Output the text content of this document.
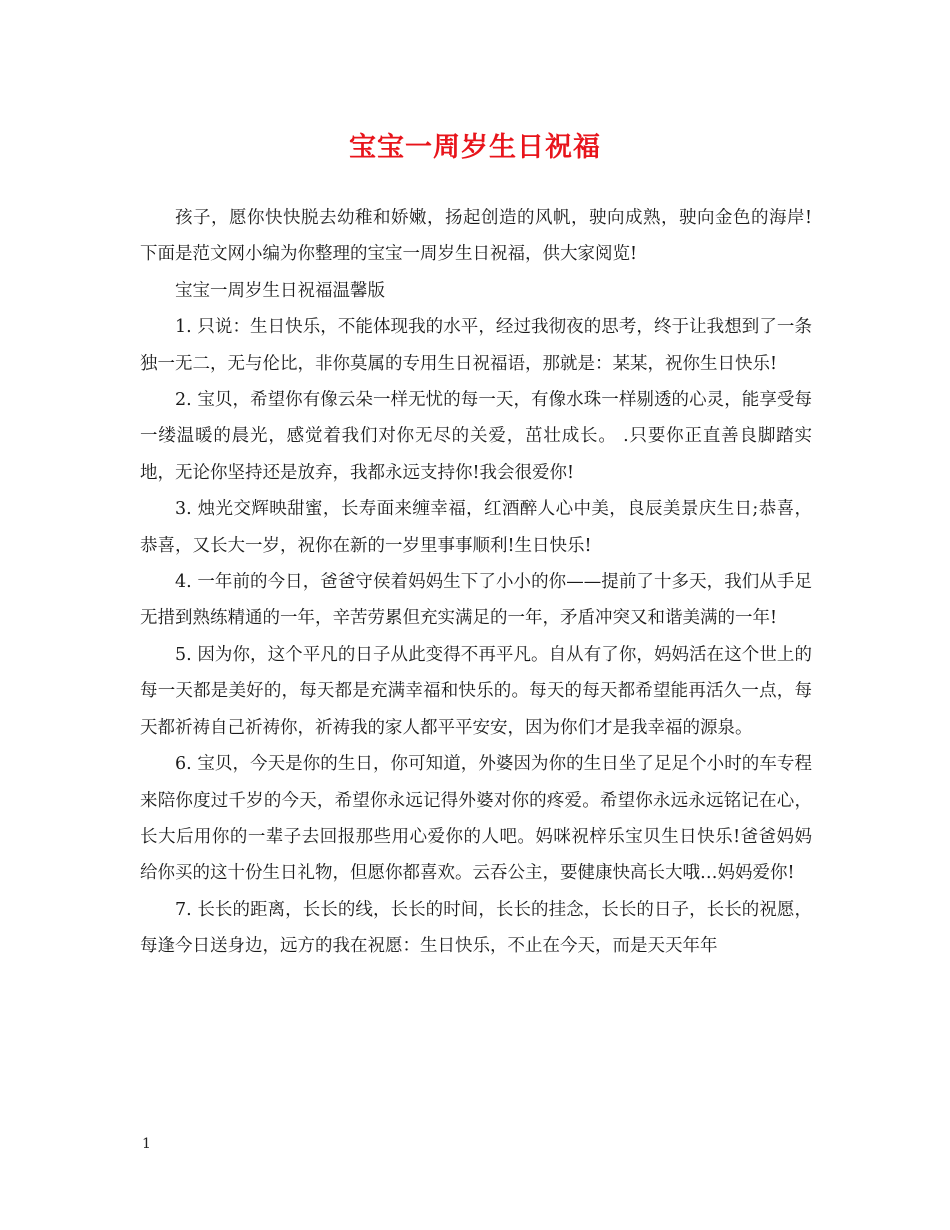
宝宝一周岁生日祝福

孩子，愿你快快脱去幼稚和娇嫩，扬起创造的风帆，驶向成熟，驶向金色的海岸!下面是范文网小编为你整理的宝宝一周岁生日祝福，供大家阅览!

宝宝一周岁生日祝福温馨版

1. 只说：生日快乐，不能体现我的水平，经过我彻夜的思考，终于让我想到了一条独一无二，无与伦比，非你莫属的专用生日祝福语，那就是：某某，祝你生日快乐!

2. 宝贝，希望你有像云朵一样无忧的每一天，有像水珠一样剔透的心灵，能享受每一缕温暖的晨光，感觉着我们对你无尽的关爱，茁壮成长。 .只要你正直善良脚踏实地，无论你坚持还是放弃，我都永远支持你!我会很爱你!

3. 烛光交辉映甜蜜，长寿面来缠幸福，红酒醉人心中美，良辰美景庆生日;恭喜，恭喜，又长大一岁，祝你在新的一岁里事事顺利!生日快乐!

4. 一年前的今日，爸爸守侯着妈妈生下了小小的你——提前了十多天，我们从手足无措到熟练精通的一年，辛苦劳累但充实满足的一年，矛盾冲突又和谐美满的一年!

5. 因为你，这个平凡的日子从此变得不再平凡。自从有了你，妈妈活在这个世上的每一天都是美好的，每天都是充满幸福和快乐的。每天的每天都希望能再活久一点，每天都祈祷自己祈祷你，祈祷我的家人都平平安安，因为你们才是我幸福的源泉。

6. 宝贝，今天是你的生日，你可知道，外婆因为你的生日坐了足足个小时的车专程来陪你度过千岁的今天，希望你永远记得外婆对你的疼爱。希望你永远永远铭记在心，长大后用你的一辈子去回报那些用心爱你的人吧。妈咪祝梓乐宝贝生日快乐!爸爸妈妈给你买的这十份生日礼物，但愿你都喜欢。云吞公主，要健康快高长大哦…妈妈爱你!

7. 长长的距离，长长的线，长长的时间，长长的挂念，长长的日子，长长的祝愿，每逢今日送身边，远方的我在祝愿：生日快乐，不止在今天，而是天天年年

1
